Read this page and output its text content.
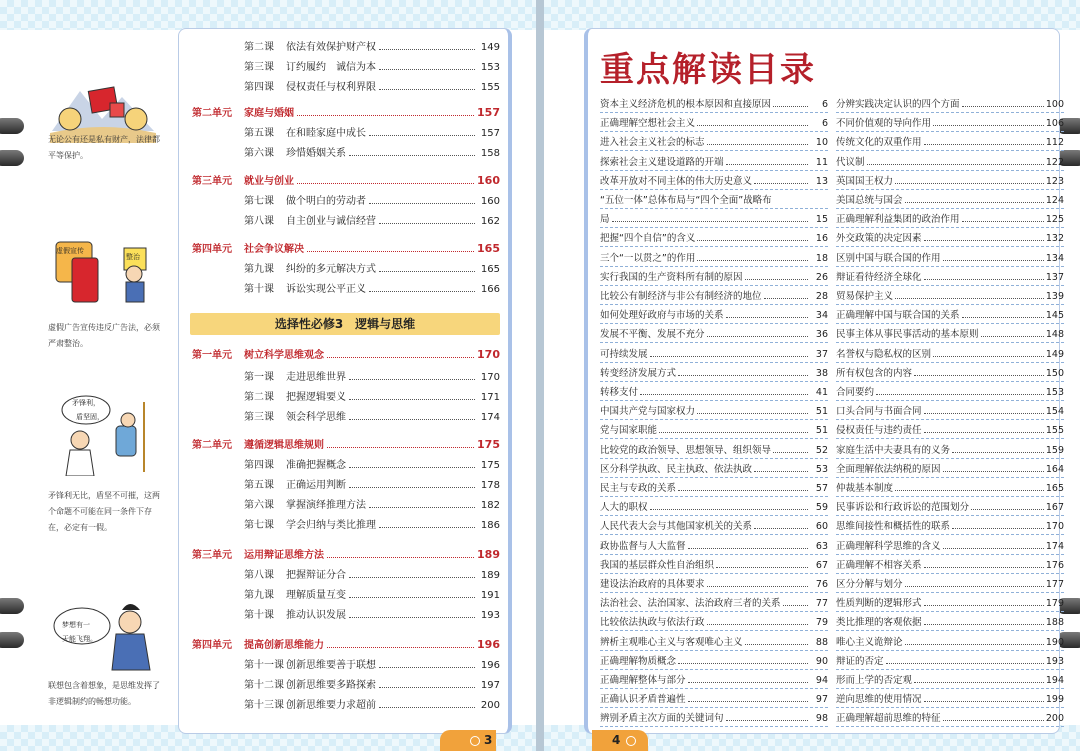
无论公有还是私有财产，法律都平等保护。
虚假宣传
整治
虚假广告宣传违反广告法，必须严肃整治。
矛锋利，
盾坚固，
矛锋利无比，盾坚不可摧，这两个命题不可能在同一条件下存在，必定有一假。
梦想有一
天能飞翔。
联想包含着想象，是思维发挥了非逻辑制约的畅想功能。
第二课	依法有效保护财产权	149
第三课	订约履约　诚信为本	153
第四课	侵权责任与权利界限	155
第二单元	家庭与婚姻	157
第五课	在和睦家庭中成长	157
第六课	珍惜婚姻关系	158
第三单元	就业与创业	160
第七课	做个明白的劳动者	160
第八课	自主创业与诚信经营	162
第四单元	社会争议解决	165
第九课	纠纷的多元解决方式	165
第十课	诉讼实现公平正义	166
第一单元	树立科学思维观念	170
第一课	走进思维世界	170
第二课	把握逻辑要义	171
第三课	领会科学思维	174
第二单元	遵循逻辑思维规则	175
第四课	准确把握概念	175
第五课	正确运用判断	178
第六课	掌握演绎推理方法	182
第七课	学会归纳与类比推理	186
第三单元	运用辩证思维方法	189
第八课	把握辩证分合	189
第九课	理解质量互变	191
第十课	推动认识发展	193
第四单元	提高创新思维能力	196
第十一课 创新思维要善于联想	196
第十二课 创新思维要多路探索	197
第十三课 创新思维要力求超前	200
选择性必修3　逻辑与思维
3
重点解读目录
资本主义经济危机的根本原因和直接原因	6
正确理解空想社会主义	6
进入社会主义社会的标志	10
探索社会主义建设道路的开端	11
改革开放对不同主体的伟大历史意义	13
“五位一体”总体布局与“四个全面”战略布
局	15
把握“四个自信”的含义	16
三个“一以贯之”的作用	18
实行我国的生产资料所有制的原因	26
比较公有制经济与非公有制经济的地位	28
如何处理好政府与市场的关系	34
发展不平衡、发展不充分	36
可持续发展	37
转变经济发展方式	38
转移支付	41
中国共产党与国家权力	51
党与国家职能	51
比较党的政治领导、思想领导、组织领导	52
区分科学执政、民主执政、依法执政	53
民主与专政的关系	57
人大的职权	59
人民代表大会与其他国家机关的关系	60
政协监督与人大监督	63
我国的基层群众性自治组织	67
建设法治政府的具体要求	76
法治社会、法治国家、法治政府三者的关系	77
比较依法执政与依法行政	79
辨析主观唯心主义与客观唯心主义	88
正确理解物质概念	90
正确理解整体与部分	94
正确认识矛盾普遍性	97
辨别矛盾主次方面的关键词句	98
分辨实践决定认识的四个方面	100
不同价值观的导向作用	106
传统文化的双重作用	112
代议制	122
英国国王权力	123
美国总统与国会	124
正确理解利益集团的政治作用	125
外交政策的决定因素	132
区别中国与联合国的作用	134
辩证看待经济全球化	137
贸易保护主义	139
正确理解中国与联合国的关系	145
民事主体从事民事活动的基本原则	148
名誉权与隐私权的区别	149
所有权包含的内容	150
合同要约	153
口头合同与书面合同	154
侵权责任与违约责任	155
家庭生活中夫妻具有的义务	159
全面理解依法纳税的原因	164
仲裁基本制度	165
民事诉讼和行政诉讼的范围划分	167
思维间接性和概括性的联系	170
正确理解科学思维的含义	174
正确理解不相容关系	176
区分分解与划分	177
性质判断的逻辑形式	179
类比推理的客观依据	188
唯心主义诡辩论	190
辩证的否定	193
形而上学的否定观	194
逆向思维的使用情况	199
正确理解超前思维的特征	200
4
